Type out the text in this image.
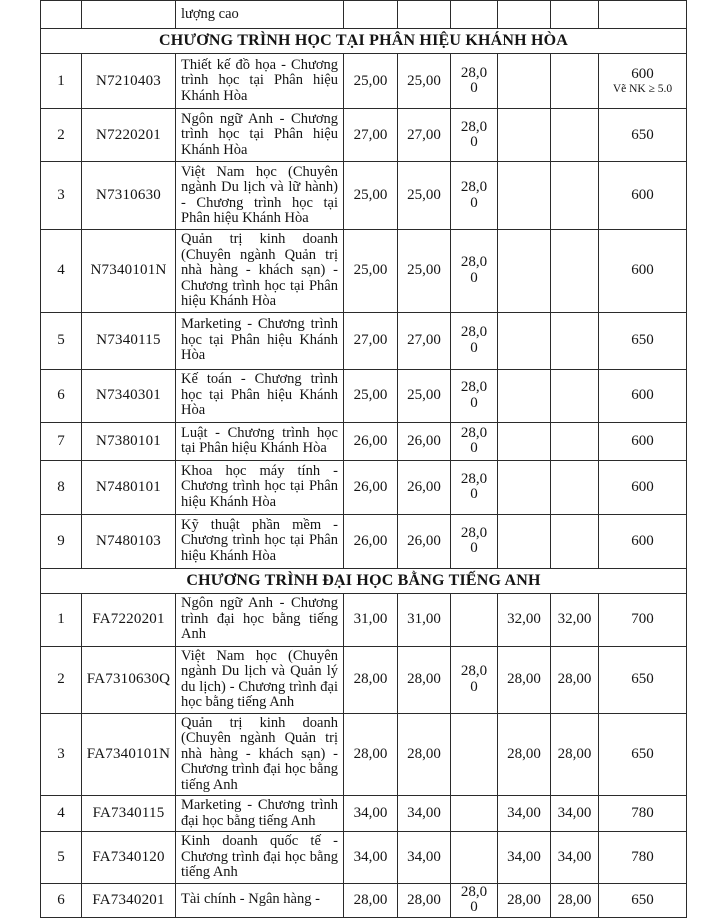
		lượng cao						
CHƯƠNG TRÌNH HỌC TẠI PHÂN HIỆU KHÁNH HÒA								
1	N7210403	Thiết kế đồ họa - Chương trình học tại Phân hiệu Khánh Hòa	25,00	25,00	28,00			600
Vẽ NK ≥ 5.0

2	N7220201	Ngôn ngữ Anh - Chương trình học tại Phân hiệu Khánh Hòa	27,00	27,00	28,00			650
3	N7310630	Việt Nam học (Chuyên ngành Du lịch và lữ hành) - Chương trình học tại Phân hiệu Khánh Hòa	25,00	25,00	28,00			600
4	N7340101N	Quản trị kinh doanh (Chuyên ngành Quản trị nhà hàng - khách sạn) - Chương trình học tại Phân hiệu Khánh Hòa	25,00	25,00	28,00			600
5	N7340115	Marketing - Chương trình học tại Phân hiệu Khánh Hòa	27,00	27,00	28,00			650
6	N7340301	Kế toán - Chương trình học tại Phân hiệu Khánh Hòa	25,00	25,00	28,00			600
7	N7380101	Luật - Chương trình học tại Phân hiệu Khánh Hòa	26,00	26,00	28,00			600
8	N7480101	Khoa học máy tính - Chương trình học tại Phân hiệu Khánh Hòa	26,00	26,00	28,00			600
9	N7480103	Kỹ thuật phần mềm - Chương trình học tại Phân hiệu Khánh Hòa	26,00	26,00	28,00			600
CHƯƠNG TRÌNH ĐẠI HỌC BẰNG TIẾNG ANH								
1	FA7220201	Ngôn ngữ Anh - Chương trình đại học bằng tiếng Anh	31,00	31,00		32,00	32,00	700
2	FA7310630Q	Việt Nam học (Chuyên ngành Du lịch và Quản lý du lịch) - Chương trình đại học bằng tiếng Anh	28,00	28,00	28,00	28,00	28,00	650
3	FA7340101N	Quản trị kinh doanh (Chuyên ngành Quản trị nhà hàng - khách sạn) - Chương trình đại học bằng tiếng Anh	28,00	28,00		28,00	28,00	650
4	FA7340115	Marketing - Chương trình đại học bằng tiếng Anh	34,00	34,00		34,00	34,00	780
5	FA7340120	Kinh doanh quốc tế - Chương trình đại học bằng tiếng Anh	34,00	34,00		34,00	34,00	780
6	FA7340201	Tài chính - Ngân hàng -	28,00	28,00	28,00	28,00	28,00	650
